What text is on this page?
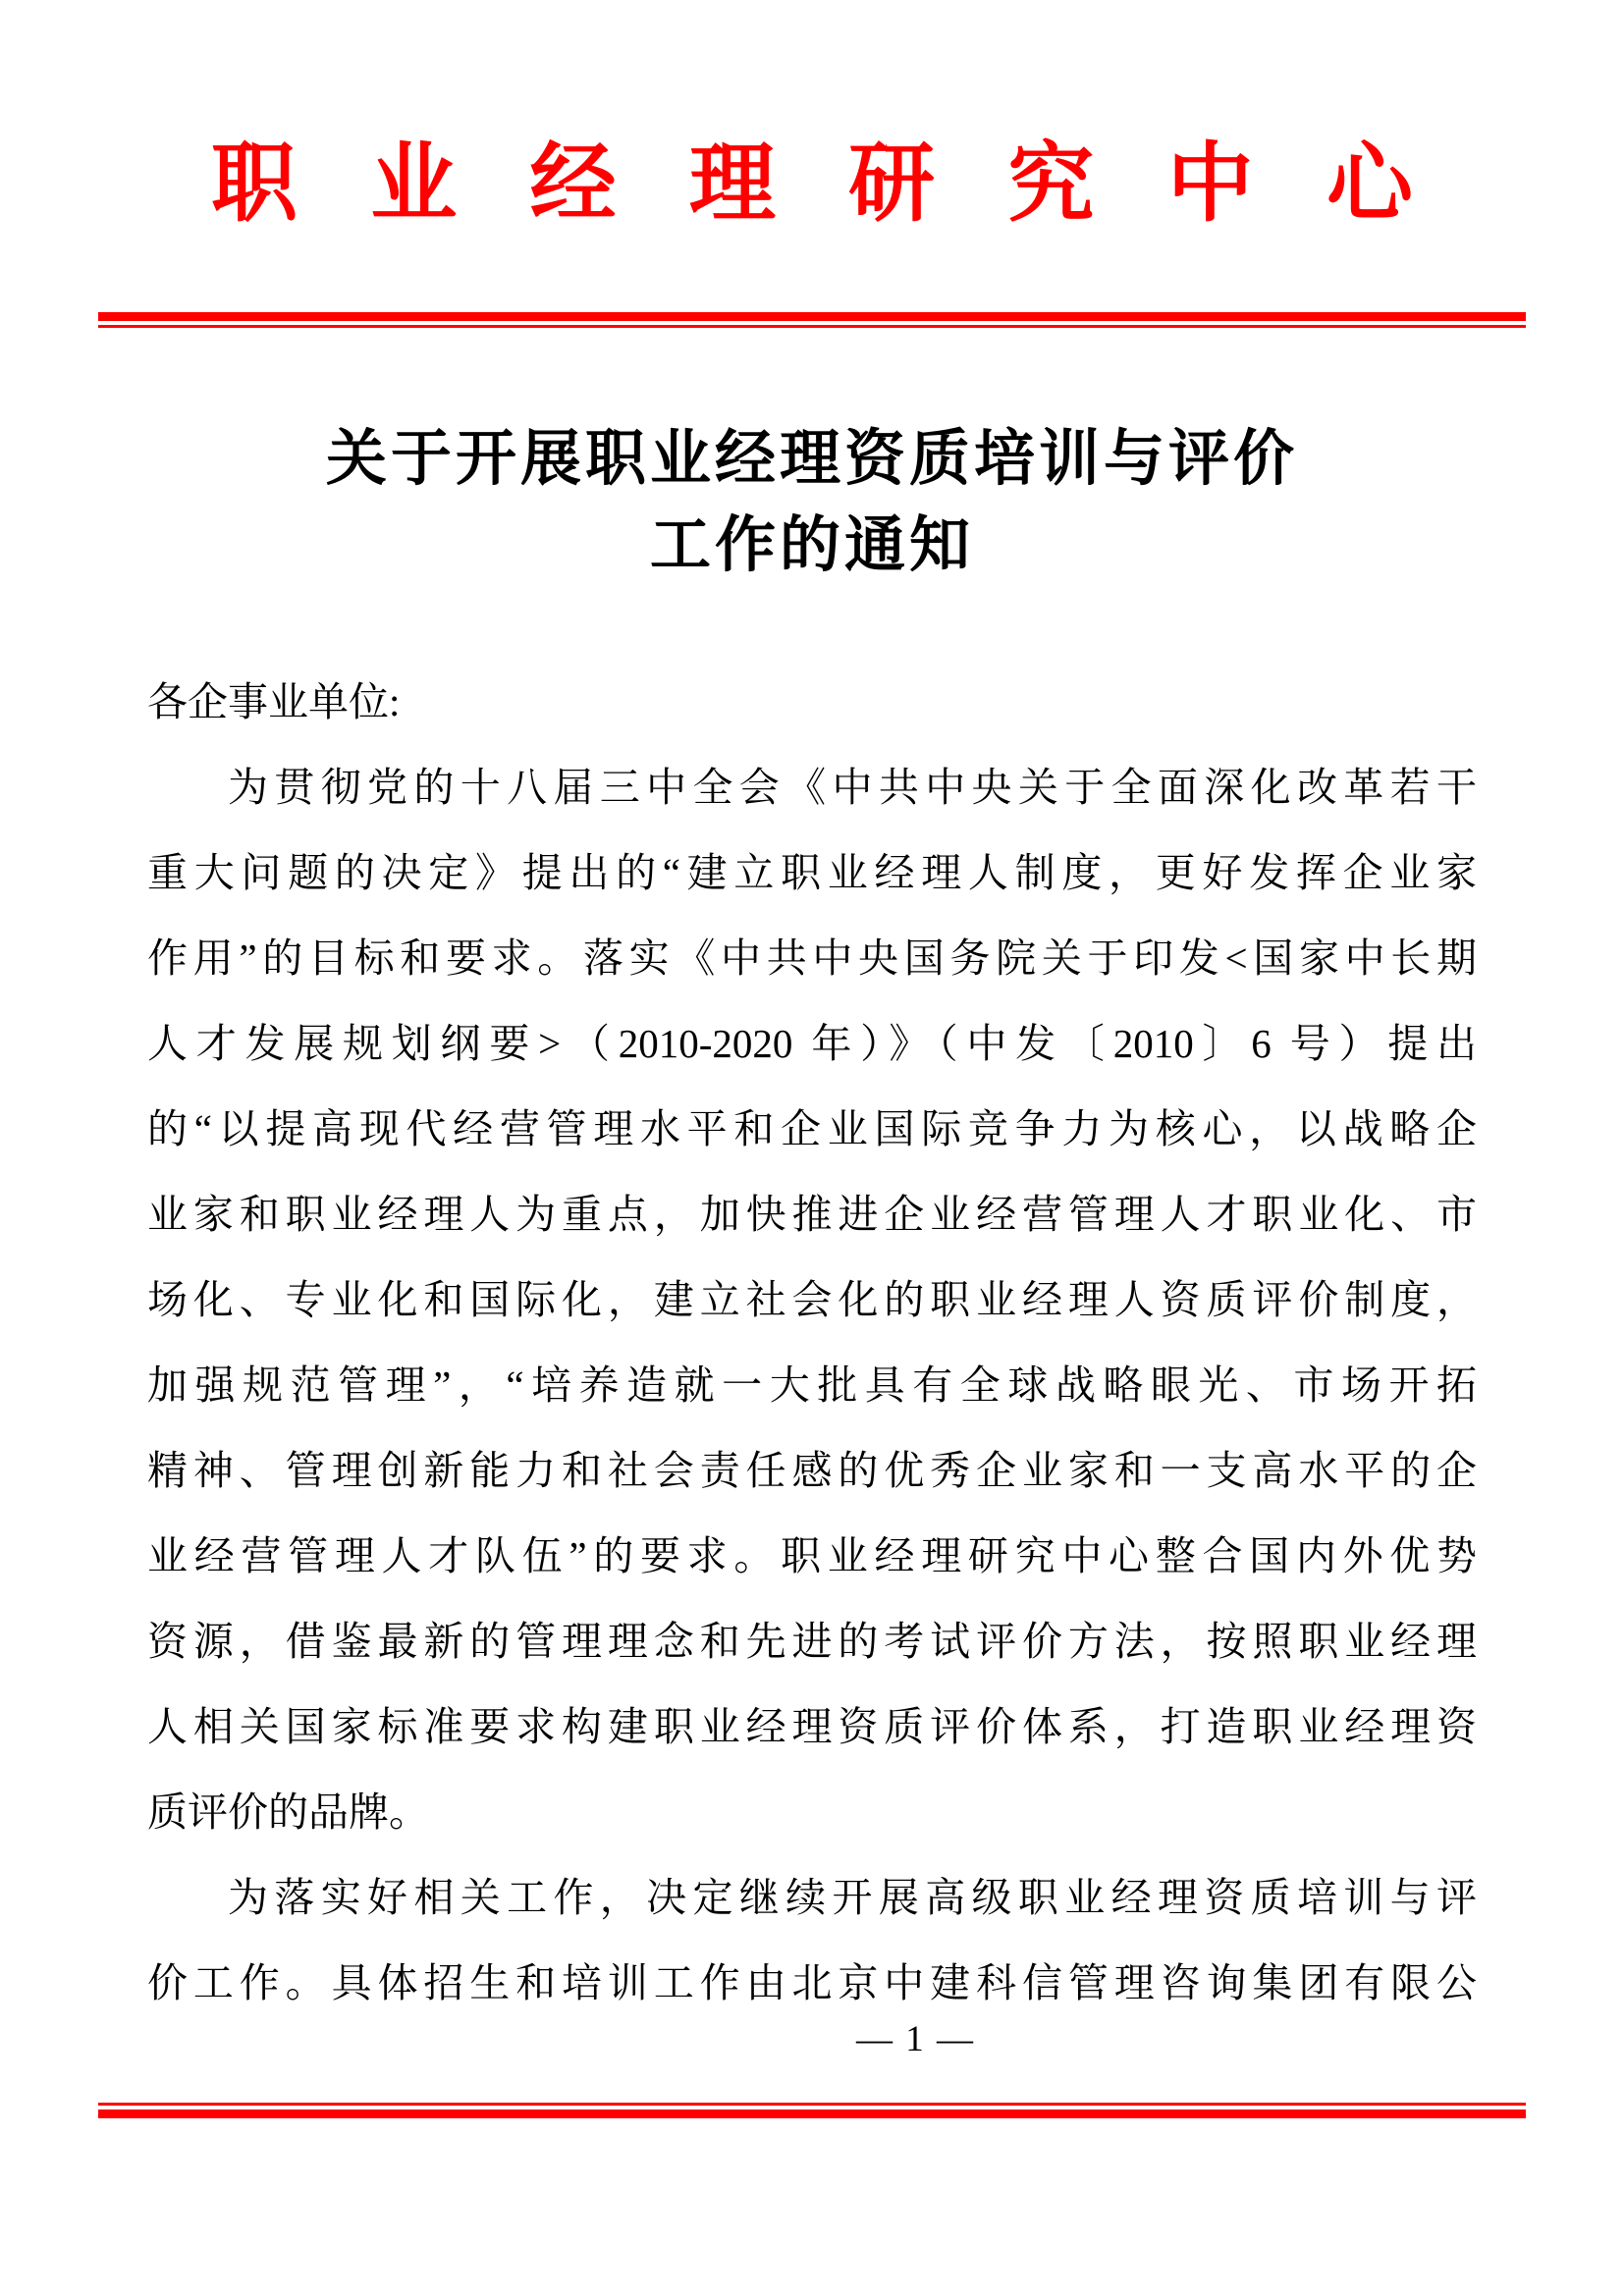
职 业 经 理 研 究 中 心
关于开展职业经理资质培训与评价
工作的通知
各企事业单位:
为贯彻党的十八届三中全会《中共中央关于全面深化改革若干
重大问题的决定》提出的“建立职业经理人制度，更好发挥企业家
作用”的目标和要求。落实《中共中央国务院关于印发<国家中长期
人才发展规划纲要>（2010-2020 年）》（中发〔2010〕6 号）提出
的“以提高现代经营管理水平和企业国际竞争力为核心，以战略企
业家和职业经理人为重点，加快推进企业经营管理人才职业化、市
场化、专业化和国际化，建立社会化的职业经理人资质评价制度，
加强规范管理”，“培养造就一大批具有全球战略眼光、市场开拓
精神、管理创新能力和社会责任感的优秀企业家和一支高水平的企
业经营管理人才队伍”的要求。职业经理研究中心整合国内外优势
资源，借鉴最新的管理理念和先进的考试评价方法，按照职业经理
人相关国家标准要求构建职业经理资质评价体系，打造职业经理资
质评价的品牌。
为落实好相关工作，决定继续开展高级职业经理资质培训与评
价工作。具体招生和培训工作由北京中建科信管理咨询集团有限公
— 1 —
